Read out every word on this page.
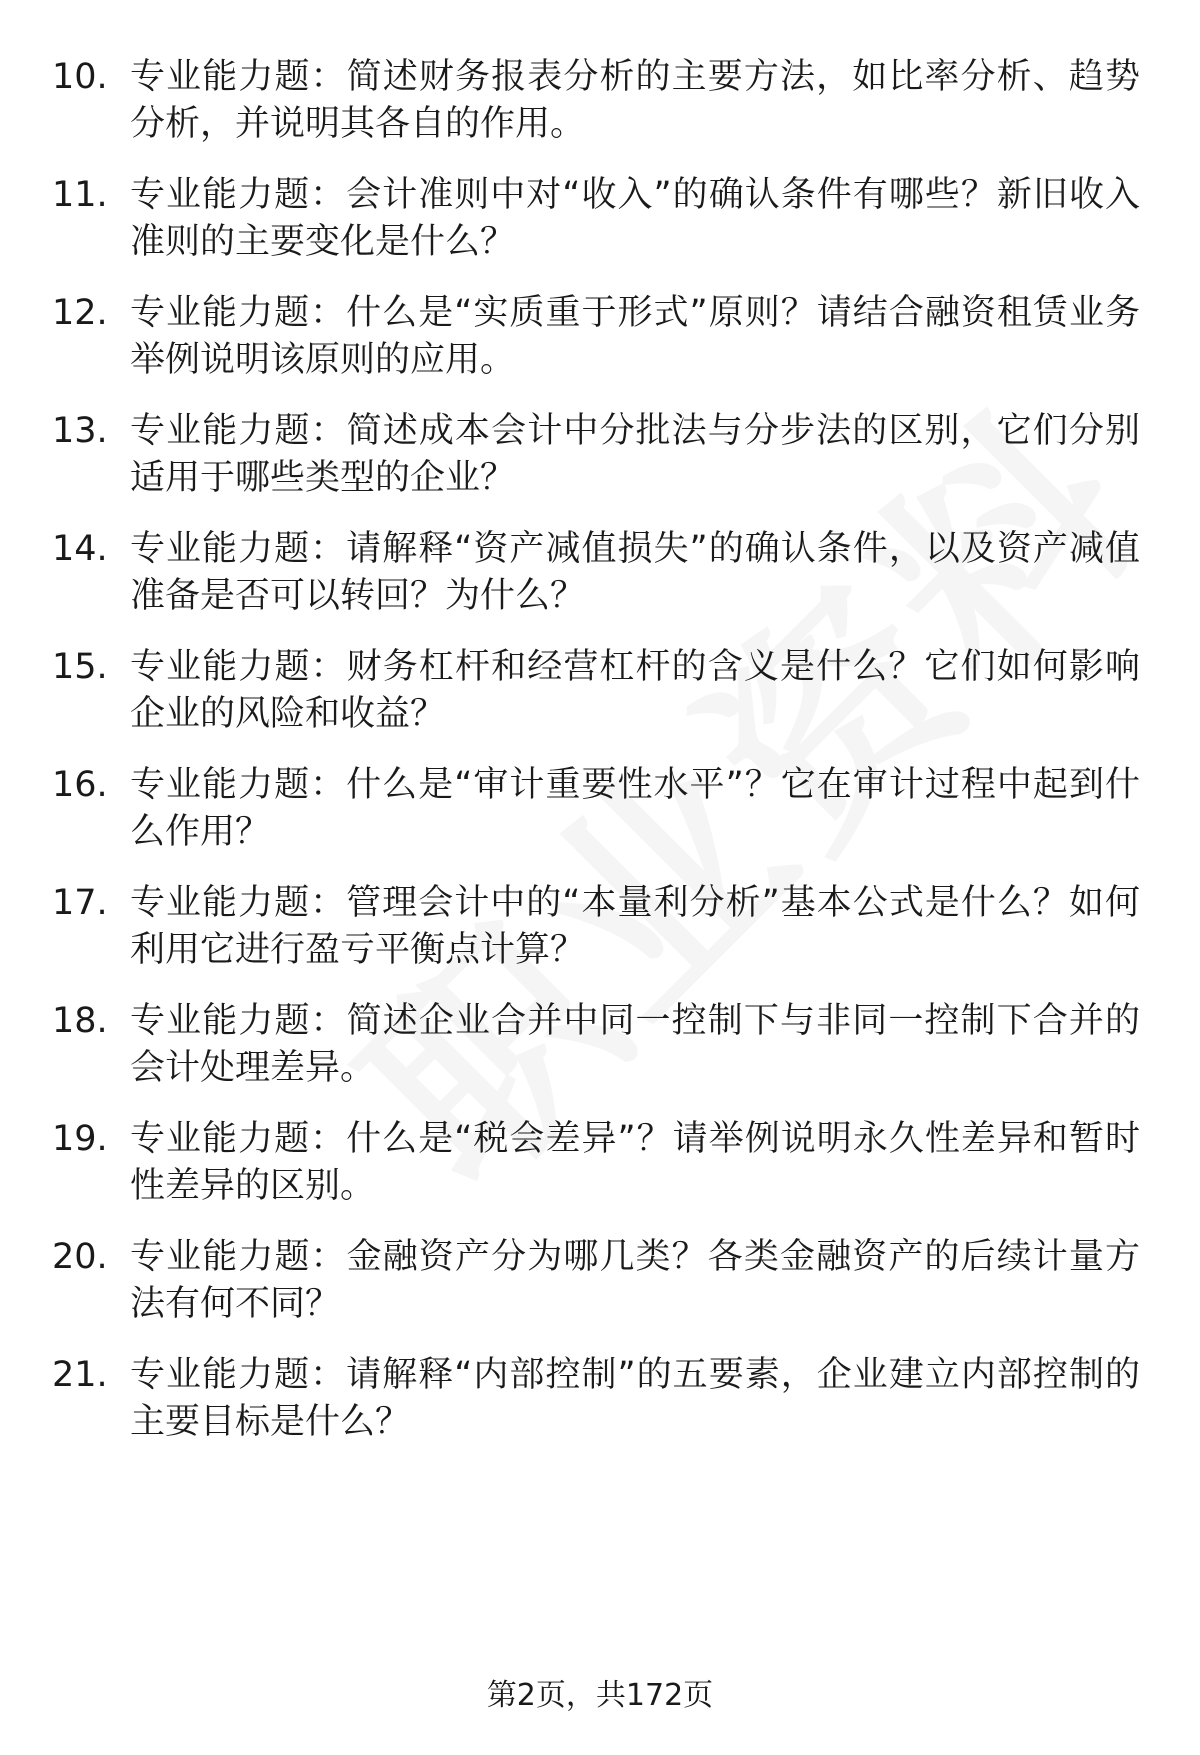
10. 专业能力题：简述财务报表分析的主要方法，如比率分析、趋势分析，并说明其各自的作用。
11. 专业能力题：会计准则中对“收入”的确认条件有哪些？新旧收入准则的主要变化是什么？
12. 专业能力题：什么是“实质重于形式”原则？请结合融资租赁业务举例说明该原则的应用。
13. 专业能力题：简述成本会计中分批法与分步法的区别，它们分别适用于哪些类型的企业？
14. 专业能力题：请解释“资产减值损失”的确认条件，以及资产减值准备是否可以转回？为什么？
15. 专业能力题：财务杠杆和经营杠杆的含义是什么？它们如何影响企业的风险和收益？
16. 专业能力题：什么是“审计重要性水平”？它在审计过程中起到什么作用？
17. 专业能力题：管理会计中的“本量利分析”基本公式是什么？如何利用它进行盈亏平衡点计算？
18. 专业能力题：简述企业合并中同一控制下与非同一控制下合并的会计处理差异。
19. 专业能力题：什么是“税会差异”？请举例说明永久性差异和暂时性差异的区别。
20. 专业能力题：金融资产分为哪几类？各类金融资产的后续计量方法有何不同？
21. 专业能力题：请解释“内部控制”的五要素，企业建立内部控制的主要目标是什么？
第2页，共172页
